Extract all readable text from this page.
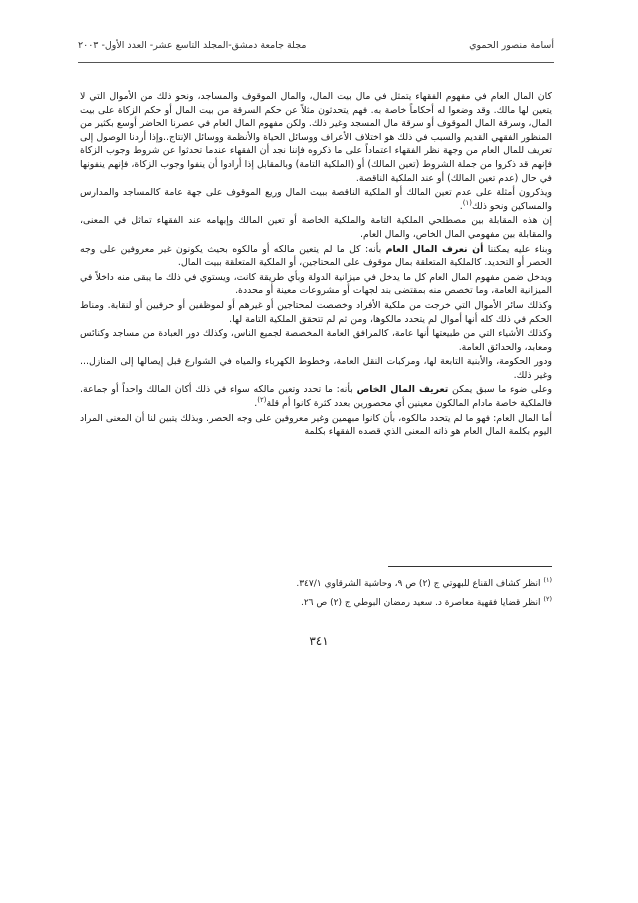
مجلة جامعة دمشق-المجلد التاسع عشر- العدد الأول- ٢٠٠٣	أسامة منصور الحموي

كان المال العام في مفهوم الفقهاء يتمثل في مال بيت المال، والمال الموقوف والمساجد، ونحو ذلك من الأموال التي لا يتعين لها مالك. وقد وضعوا له أحكاماً خاصة به. فهم يتحدثون مثلاً عن حكم السرقة من بيت المال أو حكم الزكاة على بيت المال، وسرقة المال الموقوف أو سرقة مال المسجد وغير ذلك. ولكن مفهوم المال العام في عصرنا الحاضر أوسع بكثير من المنظور الفقهي القديم والسبب في ذلك هو اختلاف الأعراف ووسائل الحياة والأنظمة ووسائل الإنتاج..وإذا أردنا الوصول إلى تعريف للمال العام من وجهة نظر الفقهاء اعتماداً على ما ذكروه فإننا نجد أن الفقهاء عندما تحدثوا عن شروط وجوب الزكاة فإنهم قد ذكروا من جملة الشروط (تعين المالك) أو (الملكية التامة) وبالمقابل إذا أرادوا أن ينفوا وجوب الزكاة، فإنهم ينفونها في حال (عدم تعين المالك) أو عند الملكية الناقصة.

ويذكرون أمثلة على عدم تعين المالك أو الملكية الناقصة ببيت المال وريع الموقوف على جهة عامة كالمساجد والمدارس والمساكين ونحو ذلك$^{(١)}$.

إن هذه المقابلة بين مصطلحي الملكية التامة والملكية الخاصة أو تعين المالك وإبهامه عند الفقهاء تماثل في المعنى، والمقابلة بين مفهومي المال الخاص، والمال العام.

وبناء عليه يمكننا أن نعرف المال العام بأنه: كل ما لم يتعين مالكه أو مالكوه بحيث يكونون غير معروفين على وجه الحصر أو التحديد. كالملكية المتعلقة بمال موقوف على المحتاجين، أو الملكية المتعلقة ببيت المال.

ويدخل ضمن مفهوم المال العام كل ما يدخل في ميزانية الدولة وبأي طريقة كانت، ويستوي في ذلك ما يبقى منه داخلاً في الميزانية العامة، وما تخصص منه بمقتضى بند لجهات أو مشروعات معينة أو محددة.

وكذلك سائر الأموال التي خرجت من ملكية الأفراد وخصصت لمحتاجين أو غيرهم أو لموظفين أو حرفيين أو لنقابة. ومناط الحكم في ذلك كله أنها أموال لم يتحدد مالكوها، ومن ثم لم تتحقق الملكية التامة لها.

وكذلك الأشياء التي من طبيعتها أنها عامة، كالمرافق العامة المخصصة لجميع الناس، وكذلك دور العبادة من مساجد وكنائس ومعابد، والحدائق العامة.

ودور الحكومة، والأبنية التابعة لها، ومركبات النقل العامة، وخطوط الكهرباء والمياه في الشوارع قبل إيصالها إلى المنازل... وغير ذلك.

وعلى ضوء ما سبق يمكن تعريف المال الخاص بأنه: ما تحدد وتعين مالكه سواء في ذلك أكان المالك واحداً أو جماعة. فالملكية خاصة مادام المالكون معينين أي محصورين بعدد كثرة كانوا أم قلة$^{(٢)}$.

أما المال العام: فهو ما لم يتحدد مالكوه، بأن كانوا مبهمين وغير معروفين على وجه الحصر. وبذلك يتبين لنا أن المعنى المراد اليوم بكلمة المال العام هو ذاته المعنى الذي قصده الفقهاء بكلمة

$^{(١)}$ انظر كشاف القناع للبهوتي ج (٢) ص ٩، وحاشية الشرقاوي ٣٤٧/١.
$^{(٢)}$ انظر قضايا فقهية معاصرة د. سعيد رمضان البوطي ج (٢) ص ٢٦.
٣٤١
